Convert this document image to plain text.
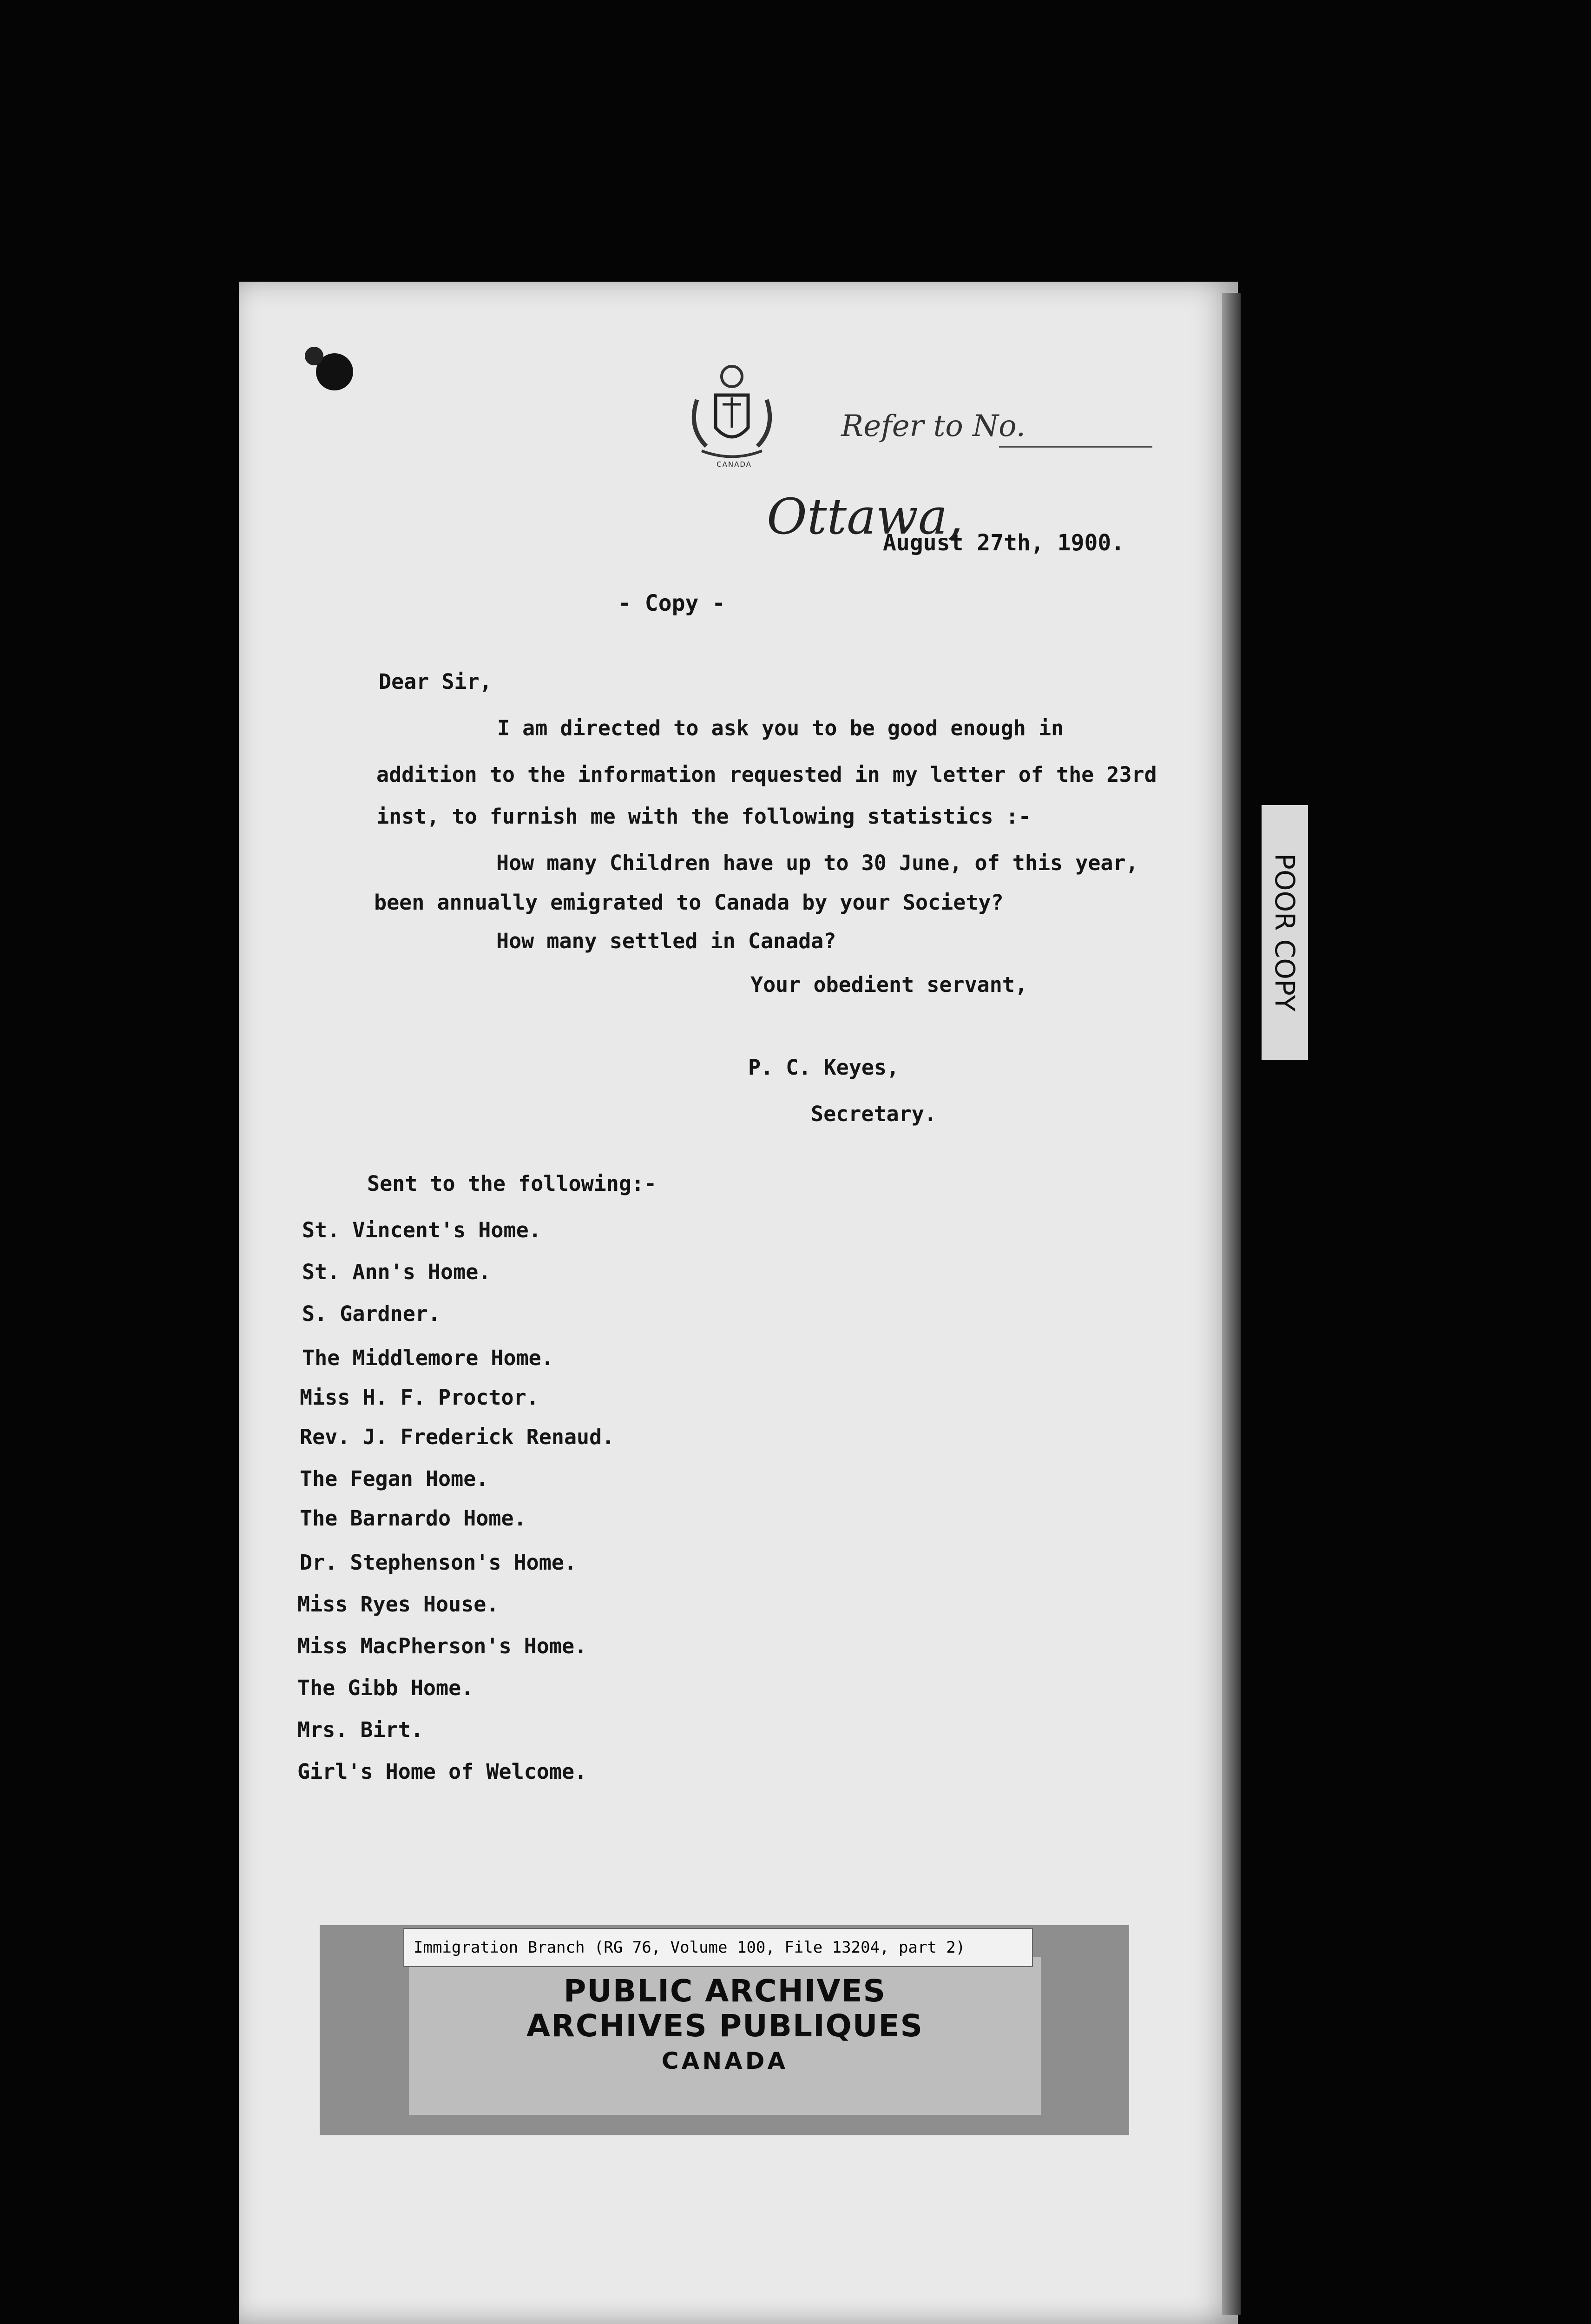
CANADA
Refer to No.
Ottawa,
August 27th, 1900.
- Copy -
Dear Sir,
I am directed to ask you to be good enough in
addition to the information requested in my letter of the 23rd
inst, to furnish me with the following statistics :-
How many Children have up to 30 June, of this year,
been annually emigrated to Canada by your Society?
How many settled in Canada?
Your obedient servant,
P. C. Keyes,
Secretary.
Sent to the following:-
St. Vincent's Home.
St. Ann's Home.
S. Gardner.
The Middlemore Home.
Miss H. F. Proctor.
Rev. J. Frederick Renaud.
The Fegan Home.
The Barnardo Home.
Dr. Stephenson's Home.
Miss Ryes House.
Miss MacPherson's Home.
The Gibb Home.
Mrs. Birt.
Girl's Home of Welcome.
POOR COPY
Immigration Branch (RG 76, Volume 100, File 13204, part 2)
PUBLIC ARCHIVES
ARCHIVES PUBLIQUES
CANADA
